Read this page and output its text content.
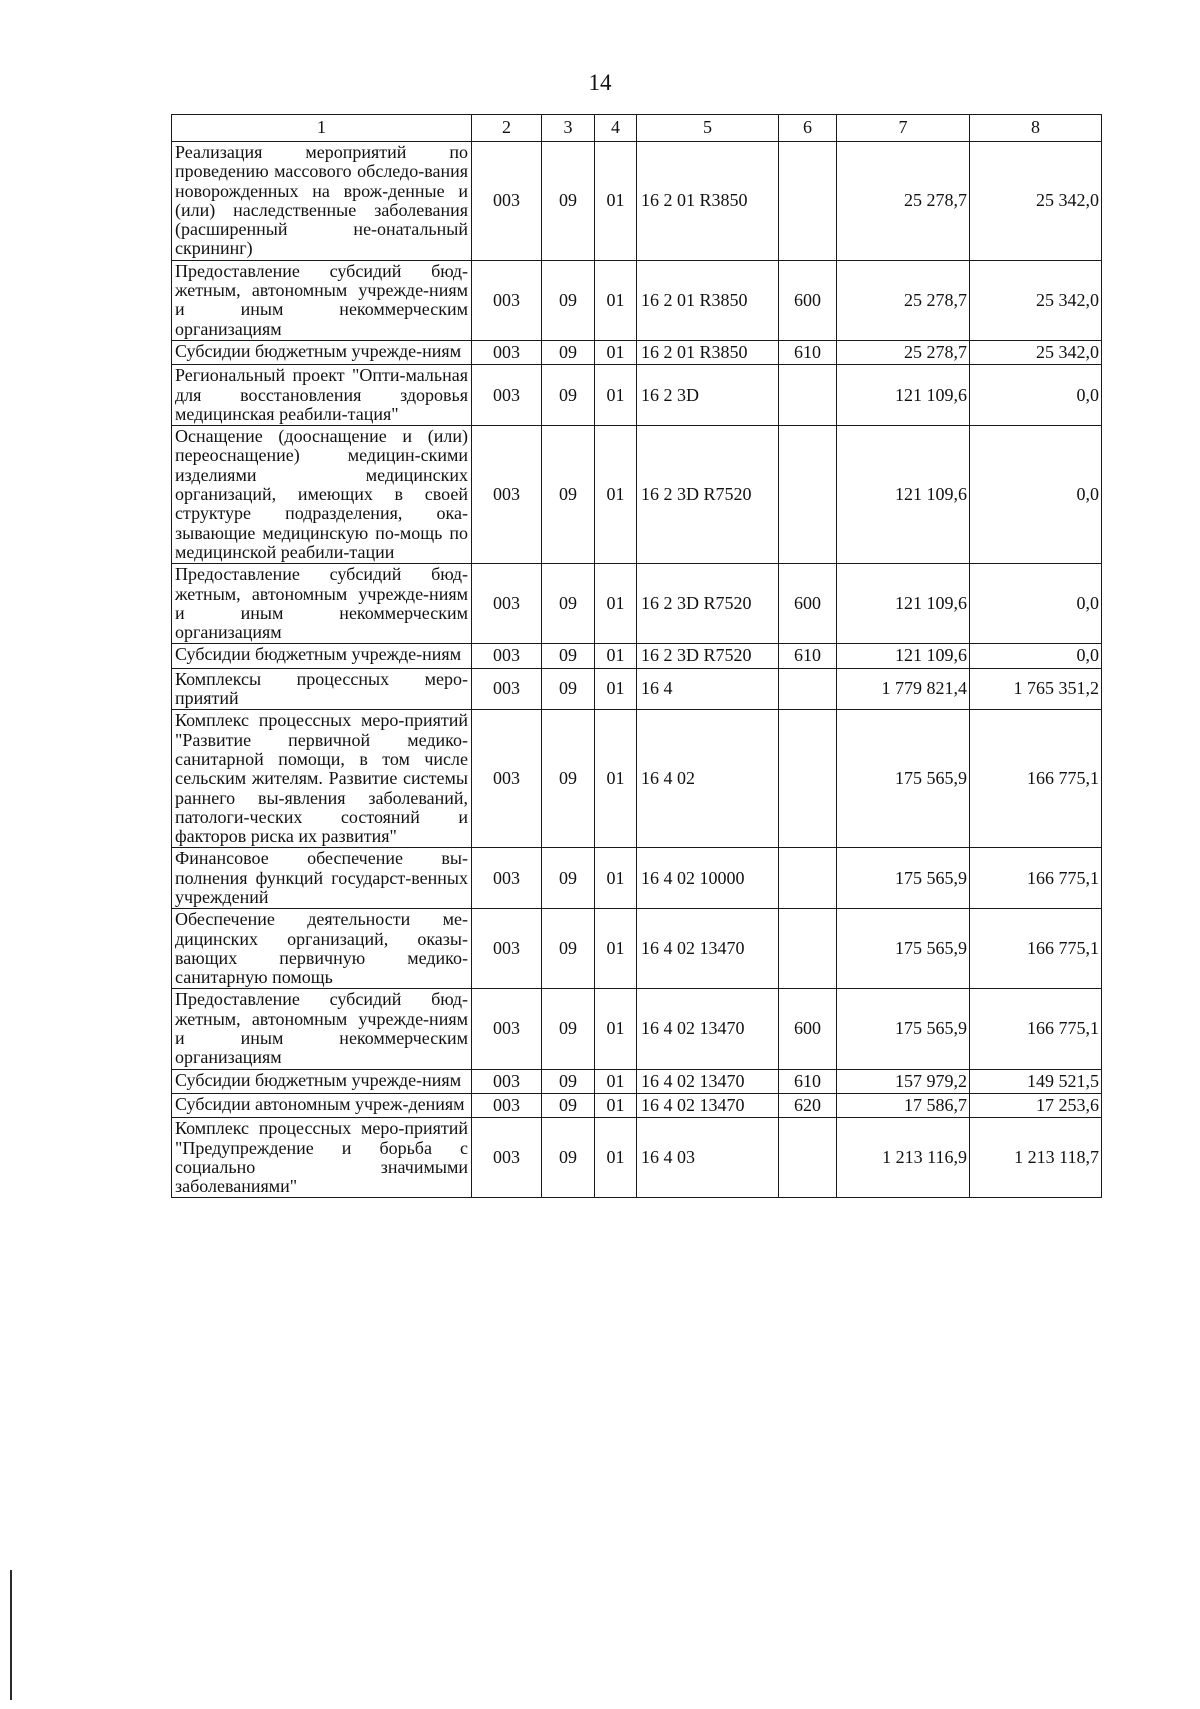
14
1	2	3	4	5	6	7	8
Реализация мероприятий по проведению массового обследо-вания новорожденных на врож-денные и (или) наследственные заболевания (расширенный не-онатальный скрининг)	003	09	01	16 2 01 R3850		25 278,7	25 342,0
Предоставление субсидий бюд-жетным, автономным учрежде-ниям и иным некоммерческим организациям	003	09	01	16 2 01 R3850	600	25 278,7	25 342,0
Субсидии бюджетным учрежде-ниям	003	09	01	16 2 01 R3850	610	25 278,7	25 342,0
Региональный проект "Опти-мальная для восстановления здоровья медицинская реабили-тация"	003	09	01	16 2 3D		121 109,6	0,0
Оснащение (дооснащение и (или) переоснащение) медицин-скими изделиями медицинских организаций, имеющих в своей структуре подразделения, ока-зывающие медицинскую по-мощь по медицинской реабили-тации	003	09	01	16 2 3D R7520		121 109,6	0,0
Предоставление субсидий бюд-жетным, автономным учрежде-ниям и иным некоммерческим организациям	003	09	01	16 2 3D R7520	600	121 109,6	0,0
Субсидии бюджетным учрежде-ниям	003	09	01	16 2 3D R7520	610	121 109,6	0,0
Комплексы процессных меро-приятий	003	09	01	16 4		1 779 821,4	1 765 351,2
Комплекс процессных меро-приятий "Развитие первичной медико-санитарной помощи, в том числе сельским жителям. Развитие системы раннего вы-явления заболеваний, патологи-ческих состояний и факторов риска их развития"	003	09	01	16 4 02		175 565,9	166 775,1
Финансовое обеспечение вы-полнения функций государст-венных учреждений	003	09	01	16 4 02 10000		175 565,9	166 775,1
Обеспечение деятельности ме-дицинских организаций, оказы-вающих первичную медико-санитарную помощь	003	09	01	16 4 02 13470		175 565,9	166 775,1
Предоставление субсидий бюд-жетным, автономным учрежде-ниям и иным некоммерческим организациям	003	09	01	16 4 02 13470	600	175 565,9	166 775,1
Субсидии бюджетным учрежде-ниям	003	09	01	16 4 02 13470	610	157 979,2	149 521,5
Субсидии автономным учреж-дениям	003	09	01	16 4 02 13470	620	17 586,7	17 253,6
Комплекс процессных меро-приятий "Предупреждение и борьба с социально значимыми заболеваниями"	003	09	01	16 4 03		1 213 116,9	1 213 118,7
